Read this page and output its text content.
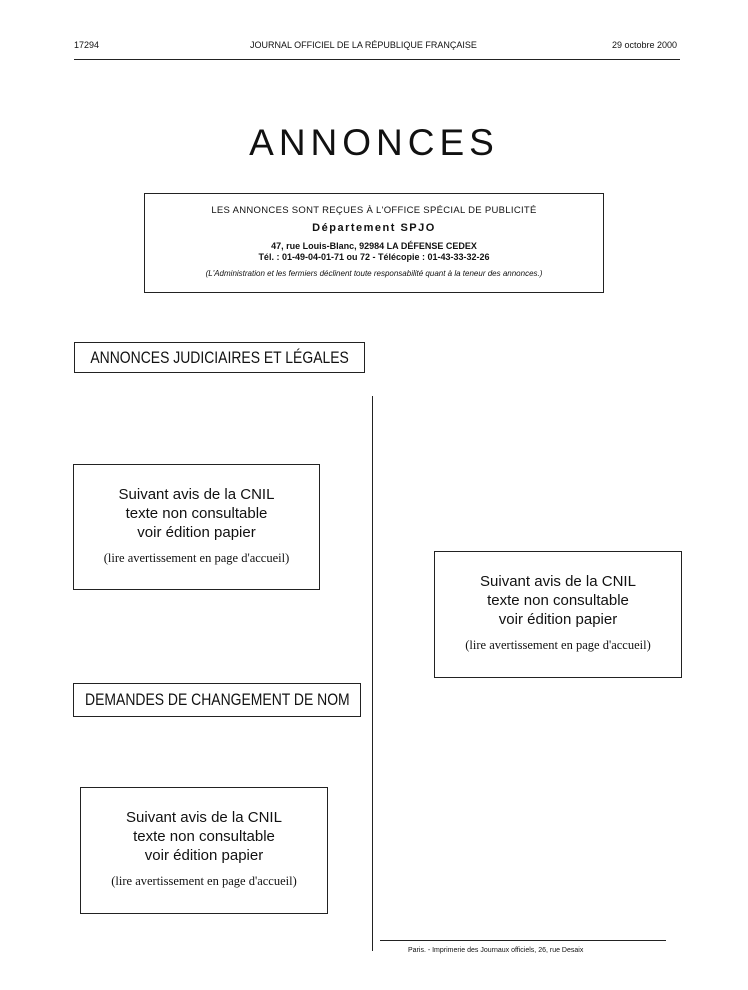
17294	JOURNAL OFFICIEL DE LA RÉPUBLIQUE FRANÇAISE	29 octobre 2000
ANNONCES
LES ANNONCES SONT REÇUES À L'OFFICE SPÉCIAL DE PUBLICITÉ
Département SPJO
47, rue Louis-Blanc, 92984 LA DÉFENSE CEDEX
Tél. : 01-49-04-01-71 ou 72 - Télécopie : 01-43-33-32-26
(L'Administration et les fermiers déclinent toute responsabilité quant à la teneur des annonces.)
ANNONCES JUDICIAIRES ET LÉGALES
Suivant avis de la CNIL
texte non consultable
voir édition papier
(lire avertissement en page d'accueil)
Suivant avis de la CNIL
texte non consultable
voir édition papier
(lire avertissement en page d'accueil)
DEMANDES DE CHANGEMENT DE NOM
Suivant avis de la CNIL
texte non consultable
voir édition papier
(lire avertissement en page d'accueil)
Paris. - Imprimerie des Journaux officiels, 26, rue Desaix
